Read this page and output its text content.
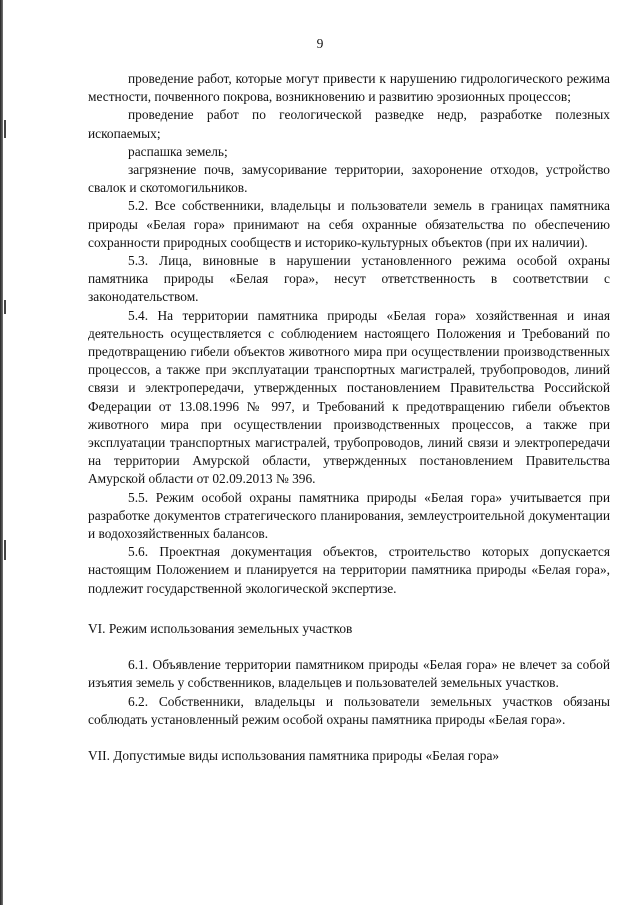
9

проведение работ, которые могут привести к нарушению гидрологического режима местности, почвенного покрова, возникновению и развитию эрозионных процессов;

проведение работ по геологической разведке недр, разработке полезных ископаемых;

распашка земель;

загрязнение почв, замусоривание территории, захоронение отходов, устройство свалок и скотомогильников.

5.2. Все собственники, владельцы и пользователи земель в границах памятника природы «Белая гора» принимают на себя охранные обязательства по обеспечению сохранности природных сообществ и историко-культурных объектов (при их наличии).

5.3. Лица, виновные в нарушении установленного режима особой охраны памятника природы «Белая гора», несут ответственность в соответствии с законодательством.

5.4. На территории памятника природы «Белая гора» хозяйственная и иная деятельность осуществляется с соблюдением настоящего Положения и Требований по предотвращению гибели объектов животного мира при осуществлении производственных процессов, а также при эксплуатации транспортных магистралей, трубопроводов, линий связи и электропередачи, утвержденных постановлением Правительства Российской Федерации от 13.08.1996 № 997, и Требований к предотвращению гибели объектов животного мира при осуществлении производственных процессов, а также при эксплуатации транспортных магистралей, трубопроводов, линий связи и электропередачи на территории Амурской области, утвержденных постановлением Правительства Амурской области от 02.09.2013 № 396.

5.5. Режим особой охраны памятника природы «Белая гора» учитывается при разработке документов стратегического планирования, землеустроительной документации и водохозяйственных балансов.

5.6. Проектная документация объектов, строительство которых допускается настоящим Положением и планируется на территории памятника природы «Белая гора», подлежит государственной экологической экспертизе.

VI. Режим использования земельных участков

6.1. Объявление территории памятником природы «Белая гора» не влечет за собой изъятия земель у собственников, владельцев и пользователей земельных участков.

6.2. Собственники, владельцы и пользователи земельных участков обязаны соблюдать установленный режим особой охраны памятника природы «Белая гора».

VII. Допустимые виды использования памятника природы «Белая гора»
